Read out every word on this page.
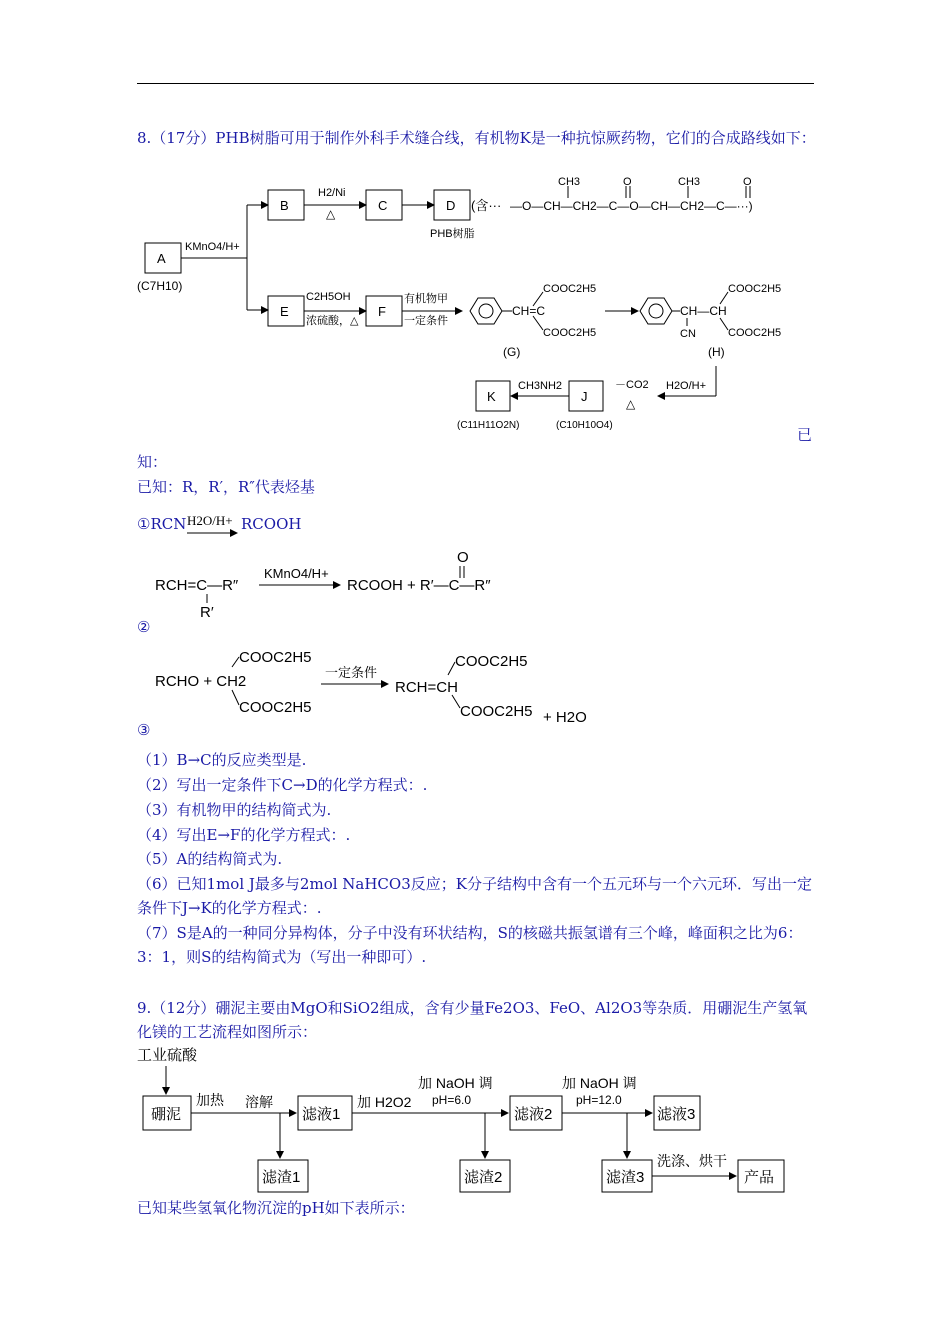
8.（17分）PHB树脂可用于制作外科手术缝合线，有机物K是一种抗惊厥药物，它们的合成路线如下：
A
(C7H10)
KMnO4/H+
B
H2/Ni
△
C	D
PHB树脂
(含··· —O—CH—CH2—C—O—CH—CH2—C—···)
CH3	O	CH3	O
E
C2H5OH
浓硫酸，△
F
有机物甲
一定条件
CH=C
COOC2H5
COOC2H5
(G)
CH—CH
CN
COOC2H5
COOC2H5
(H)
H2O/H+
－CO2
△
J
(C10H10O4)
CH3NH2
K
(C11H11O2N)
H2O/H+
RCH=C—R″
R′
KMnO4/H+
RCOOH + R′—C—R″
O
RCHO + CH2
COOC2H5
COOC2H5
一定条件
RCH=CH
COOC2H5
COOC2H5 + H2O
工业硫酸
硼泥
加热 溶解
滤液1
滤渣1
加 H2O2
加 NaOH 调
pH=6.0
滤液2
滤渣2
加 NaOH 调
pH=12.0
滤液3
滤渣3
洗涤、烘干
产品
已
知：
已知：R，R′，R″代表烃基
①RCN	RCOOH
②
③
（1）B→C的反应类型是.
（2）写出一定条件下C→D的化学方程式：.
（3）有机物甲的结构简式为.
（4）写出E→F的化学方程式：.
（5）A的结构简式为.
（6）已知1mol J最多与2mol NaHCO3反应；K分子结构中含有一个五元环与一个六元环．写出一定条件下J→K的化学方程式：.
（7）S是A的一种同分异构体，分子中没有环状结构，S的核磁共振氢谱有三个峰，峰面积之比为6：3：1，则S的结构简式为（写出一种即可）.
9.（12分）硼泥主要由MgO和SiO2组成，含有少量Fe2O3、FeO、Al2O3等杂质．用硼泥生产氢氧化镁的工艺流程如图所示：
已知某些氢氧化物沉淀的pH如下表所示：
